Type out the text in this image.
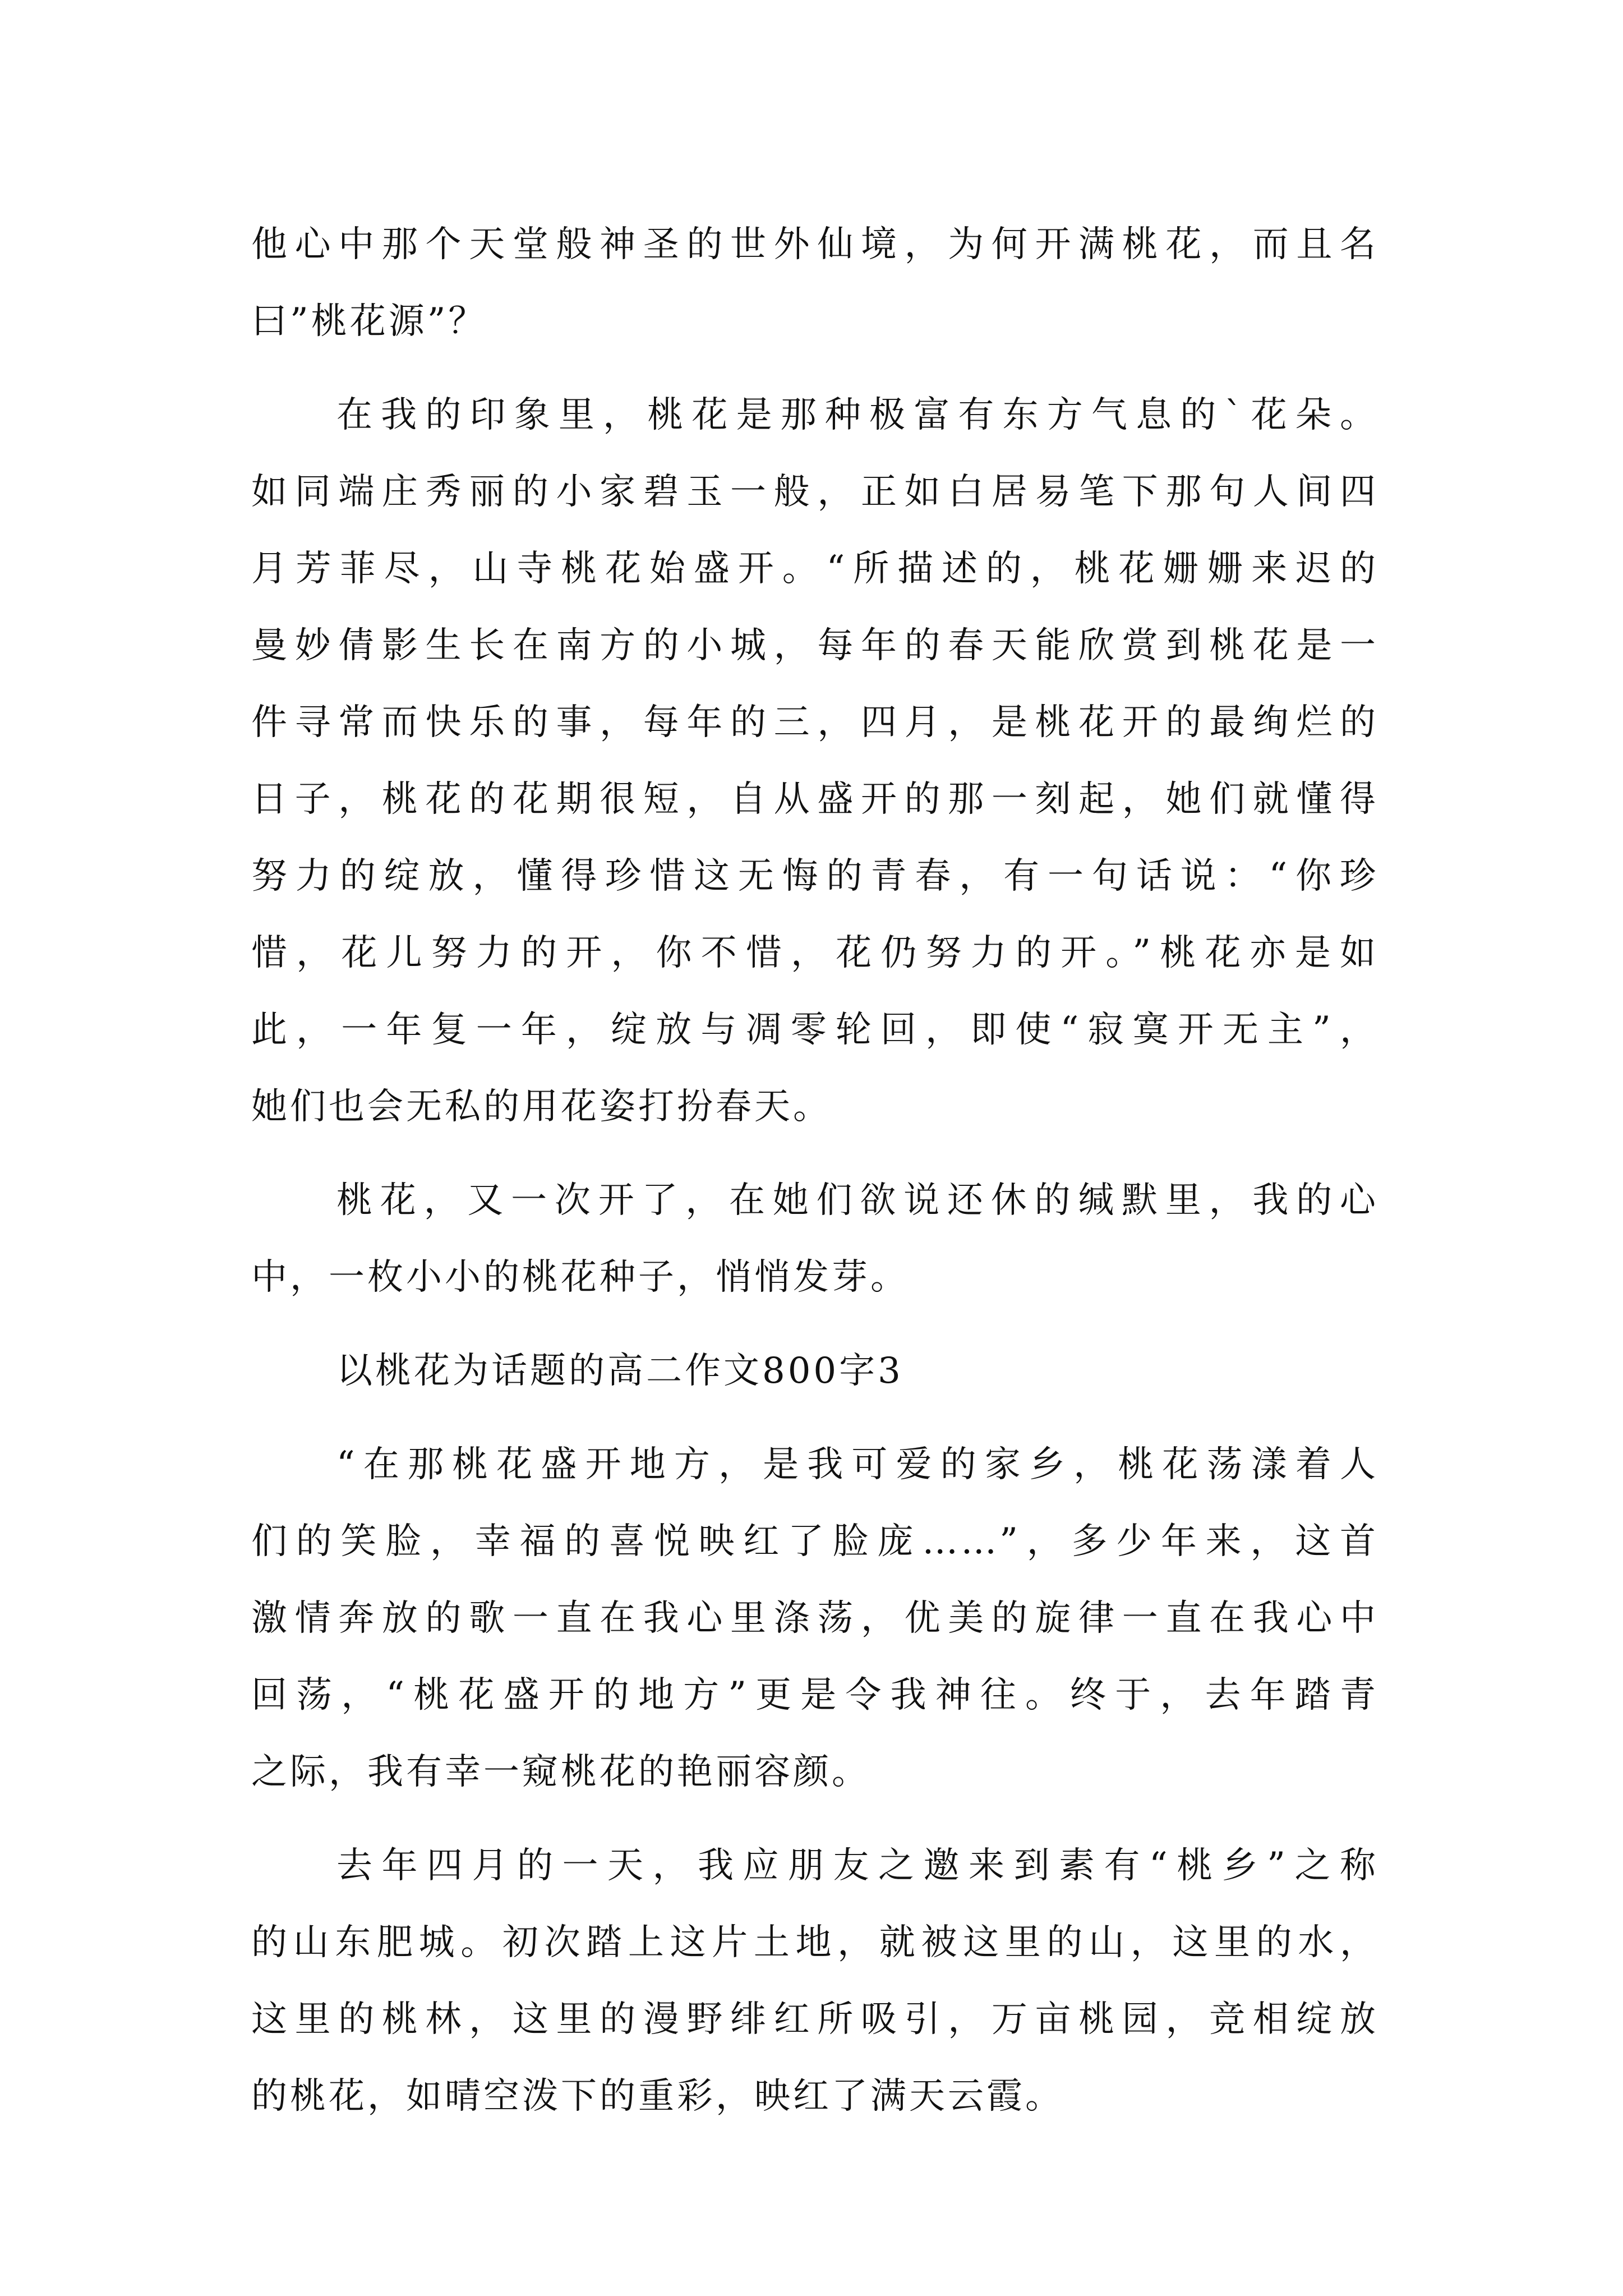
他心中那个天堂般神圣的世外仙境，为何开满桃花，而且名
曰”桃花源”？
在我的印象里，桃花是那种极富有东方气息的`花朵。
如同端庄秀丽的小家碧玉一般，正如白居易笔下那句人间四
月芳菲尽，山寺桃花始盛开。“所描述的，桃花姗姗来迟的
曼妙倩影生长在南方的小城，每年的春天能欣赏到桃花是一
件寻常而快乐的事，每年的三，四月，是桃花开的最绚烂的
日子，桃花的花期很短，自从盛开的那一刻起，她们就懂得
努力的绽放，懂得珍惜这无悔的青春，有一句话说：“你珍
惜，花儿努力的开，你不惜，花仍努力的开。”桃花亦是如
此，一年复一年，绽放与凋零轮回，即使“寂寞开无主”，
她们也会无私的用花姿打扮春天。
桃花，又一次开了，在她们欲说还休的缄默里，我的心
中，一枚小小的桃花种子，悄悄发芽。
以桃花为话题的高二作文800字3
“在那桃花盛开地方，是我可爱的家乡，桃花荡漾着人
们的笑脸，幸福的喜悦映红了脸庞……”，多少年来，这首
激情奔放的歌一直在我心里涤荡，优美的旋律一直在我心中
回荡，“桃花盛开的地方”更是令我神往。终于，去年踏青
之际，我有幸一窥桃花的艳丽容颜。
去年四月的一天，我应朋友之邀来到素有“桃乡”之称
的山东肥城。初次踏上这片土地，就被这里的山，这里的水，
这里的桃林，这里的漫野绯红所吸引，万亩桃园，竞相绽放
的桃花，如晴空泼下的重彩，映红了满天云霞。
